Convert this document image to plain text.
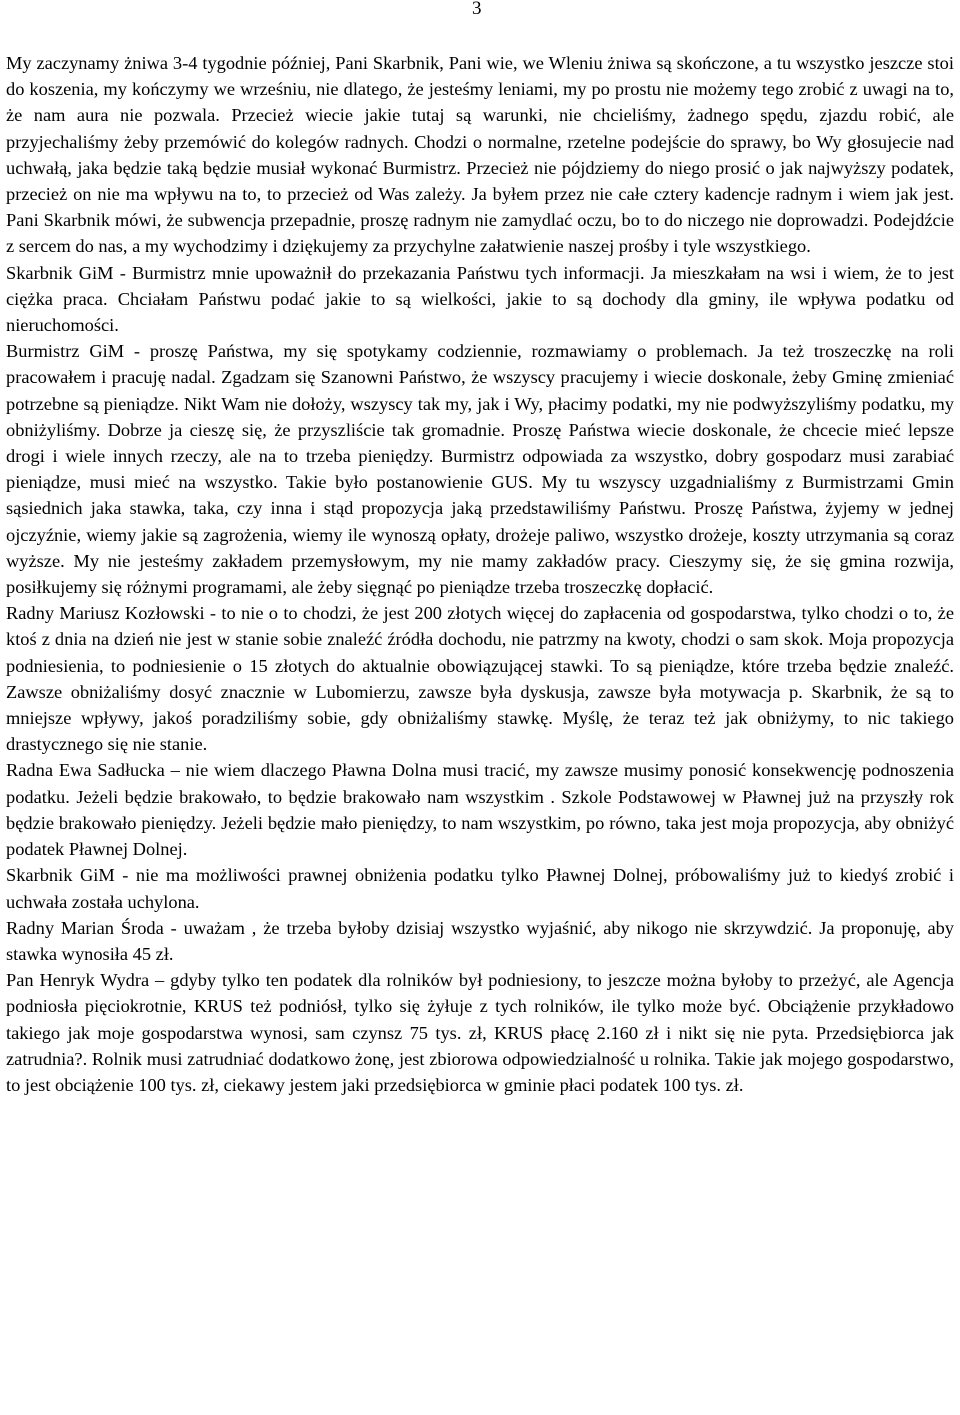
3

My zaczynamy żniwa 3-4 tygodnie później, Pani Skarbnik, Pani wie, we Wleniu żniwa są skończone, a tu wszystko jeszcze stoi do koszenia, my kończymy we wrześniu, nie dlatego, że jesteśmy leniami, my po prostu nie możemy tego zrobić z uwagi na to, że nam aura nie pozwala. Przecież wiecie jakie tutaj są warunki, nie chcieliśmy, żadnego spędu, zjazdu robić, ale przyjechaliśmy żeby przemówić do kolegów radnych. Chodzi o normalne, rzetelne podejście do sprawy, bo Wy głosujecie nad uchwałą, jaka będzie taką będzie musiał wykonać Burmistrz. Przecież nie pójdziemy do niego prosić o jak najwyższy podatek, przecież on nie ma wpływu na to, to przecież od Was zależy. Ja byłem przez nie całe cztery kadencje radnym i wiem jak jest. Pani Skarbnik mówi, że subwencja przepadnie, proszę radnym nie zamydlać oczu, bo to do niczego nie doprowadzi. Podejdźcie z sercem do nas, a my wychodzimy i dziękujemy za przychylne załatwienie naszej prośby i tyle wszystkiego.

Skarbnik GiM - Burmistrz mnie upoważnił do przekazania Państwu tych informacji. Ja mieszkałam na wsi i wiem, że to jest ciężka praca. Chciałam Państwu podać jakie to są wielkości, jakie to są dochody dla gminy, ile wpływa podatku od nieruchomości.

Burmistrz GiM - proszę Państwa, my się spotykamy codziennie, rozmawiamy o problemach. Ja też troszeczkę na roli pracowałem i pracuję nadal. Zgadzam się Szanowni Państwo, że wszyscy pracujemy i wiecie doskonale, żeby Gminę zmieniać potrzebne są pieniądze. Nikt Wam nie dołoży, wszyscy tak my, jak i Wy, płacimy podatki, my nie podwyższyliśmy podatku, my obniżyliśmy. Dobrze ja cieszę się, że przyszliście tak gromadnie. Proszę Państwa wiecie doskonale, że chcecie mieć lepsze drogi i wiele innych rzeczy, ale na to trzeba pieniędzy. Burmistrz odpowiada za wszystko, dobry gospodarz musi zarabiać pieniądze, musi mieć na wszystko. Takie było postanowienie GUS. My tu wszyscy uzgadnialiśmy z Burmistrzami Gmin sąsiednich jaka stawka, taka, czy inna i stąd propozycja jaką przedstawiliśmy Państwu. Proszę Państwa, żyjemy w jednej ojczyźnie, wiemy jakie są zagrożenia, wiemy ile wynoszą opłaty, drożeje paliwo, wszystko drożeje, koszty utrzymania są coraz wyższe. My nie jesteśmy zakładem przemysłowym, my nie mamy zakładów pracy. Cieszymy się, że się gmina rozwija, posiłkujemy się różnymi programami, ale żeby sięgnąć po pieniądze trzeba troszeczkę dopłacić.

Radny Mariusz Kozłowski - to nie o to chodzi, że jest 200 złotych więcej do zapłacenia od gospodarstwa, tylko chodzi o to, że ktoś z dnia na dzień nie jest w stanie sobie znaleźć źródła dochodu, nie patrzmy na kwoty, chodzi o sam skok. Moja propozycja podniesienia, to podniesienie o 15 złotych do aktualnie obowiązującej stawki. To są pieniądze, które trzeba będzie znaleźć. Zawsze obniżaliśmy dosyć znacznie w Lubomierzu, zawsze była dyskusja, zawsze była motywacja p. Skarbnik, że są to mniejsze wpływy, jakoś poradziliśmy sobie, gdy obniżaliśmy stawkę. Myślę, że teraz też jak obniżymy, to nic takiego drastycznego się nie stanie.

Radna Ewa Sadłucka – nie wiem dlaczego Pławna Dolna musi tracić, my zawsze musimy ponosić konsekwencję podnoszenia podatku. Jeżeli będzie brakowało, to będzie brakowało nam wszystkim . Szkole Podstawowej w Pławnej już na przyszły rok będzie brakowało pieniędzy. Jeżeli będzie mało pieniędzy, to nam wszystkim, po równo, taka jest moja propozycja, aby obniżyć podatek Pławnej Dolnej.

Skarbnik GiM - nie ma możliwości prawnej obniżenia podatku tylko Pławnej Dolnej, próbowaliśmy już to kiedyś zrobić i uchwała została uchylona.

Radny Marian Środa - uważam , że trzeba byłoby dzisiaj wszystko wyjaśnić, aby nikogo nie skrzywdzić. Ja proponuję, aby stawka wynosiła 45 zł.

Pan Henryk Wydra – gdyby tylko ten podatek dla rolników był podniesiony, to jeszcze można byłoby to przeżyć, ale Agencja podniosła pięciokrotnie, KRUS też podniósł, tylko się żyłuje z tych rolników, ile tylko może być. Obciążenie przykładowo takiego jak moje gospodarstwa wynosi, sam czynsz 75 tys. zł, KRUS płacę 2.160 zł i nikt się nie pyta. Przedsiębiorca jak zatrudnia?. Rolnik musi zatrudniać dodatkowo żonę, jest zbiorowa odpowiedzialność u rolnika. Takie jak mojego gospodarstwo, to jest obciążenie 100 tys. zł, ciekawy jestem jaki przedsiębiorca w gminie płaci podatek 100 tys. zł.
